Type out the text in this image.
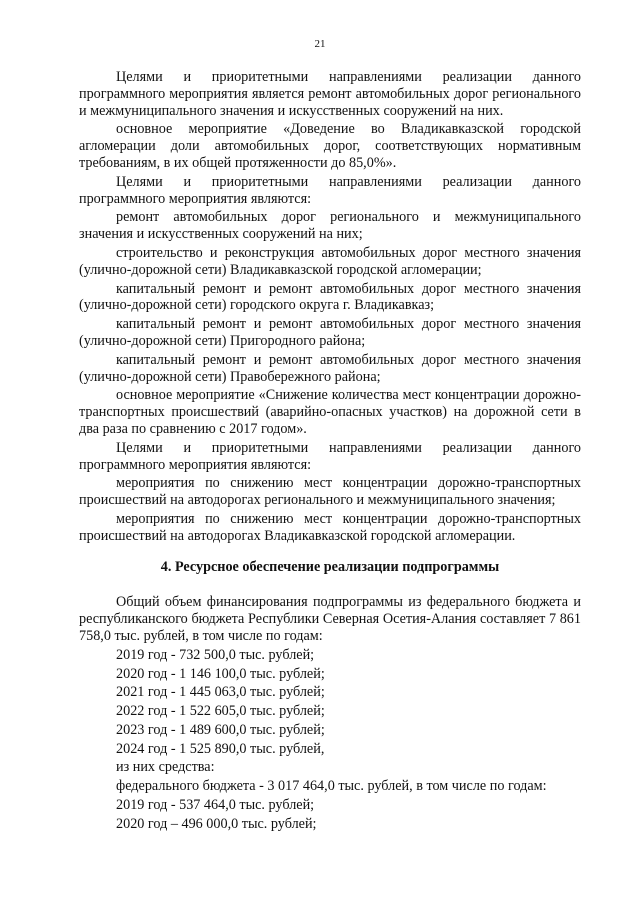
21

Целями и приоритетными направлениями реализации данного программного мероприятия является ремонт автомобильных дорог регионального и межмуниципального значения и искусственных сооружений на них.

основное мероприятие «Доведение во Владикавказской городской агломерации доли автомобильных дорог, соответствующих нормативным требованиям, в их общей протяженности до 85,0%».

Целями и приоритетными направлениями реализации данного программного мероприятия являются:

ремонт автомобильных дорог регионального и межмуниципального значения и искусственных сооружений на них;

строительство и реконструкция автомобильных дорог местного значения (улично-дорожной сети) Владикавказской городской агломерации;

капитальный ремонт и ремонт автомобильных дорог местного значения (улично-дорожной сети) городского округа г. Владикавказ;

капитальный ремонт и ремонт автомобильных дорог местного значения (улично-дорожной сети) Пригородного района;

капитальный ремонт и ремонт автомобильных дорог местного значения (улично-дорожной сети) Правобережного района;

основное мероприятие «Снижение количества мест концентрации дорожно-транспортных происшествий (аварийно-опасных участков) на дорожной сети в два раза по сравнению с 2017 годом».

Целями и приоритетными направлениями реализации данного программного мероприятия являются:

мероприятия по снижению мест концентрации дорожно-транспортных происшествий на автодорогах регионального и межмуниципального значения;

мероприятия по снижению мест концентрации дорожно-транспортных происшествий на автодорогах Владикавказской городской агломерации.

4. Ресурсное обеспечение реализации подпрограммы

Общий объем финансирования подпрограммы из федерального бюджета и республиканского бюджета Республики Северная Осетия-Алания составляет 7 861 758,0 тыс. рублей, в том числе по годам:

2019 год - 732 500,0 тыс. рублей;
2020 год - 1 146 100,0 тыс. рублей;
2021 год - 1 445 063,0 тыс. рублей;
2022 год - 1 522 605,0 тыс. рублей;
2023 год - 1 489 600,0 тыс. рублей;
2024 год - 1 525 890,0 тыс. рублей,
из них средства:
федерального бюджета - 3 017 464,0 тыс. рублей, в том числе по годам:
2019 год - 537 464,0 тыс. рублей;
2020 год – 496 000,0 тыс. рублей;
